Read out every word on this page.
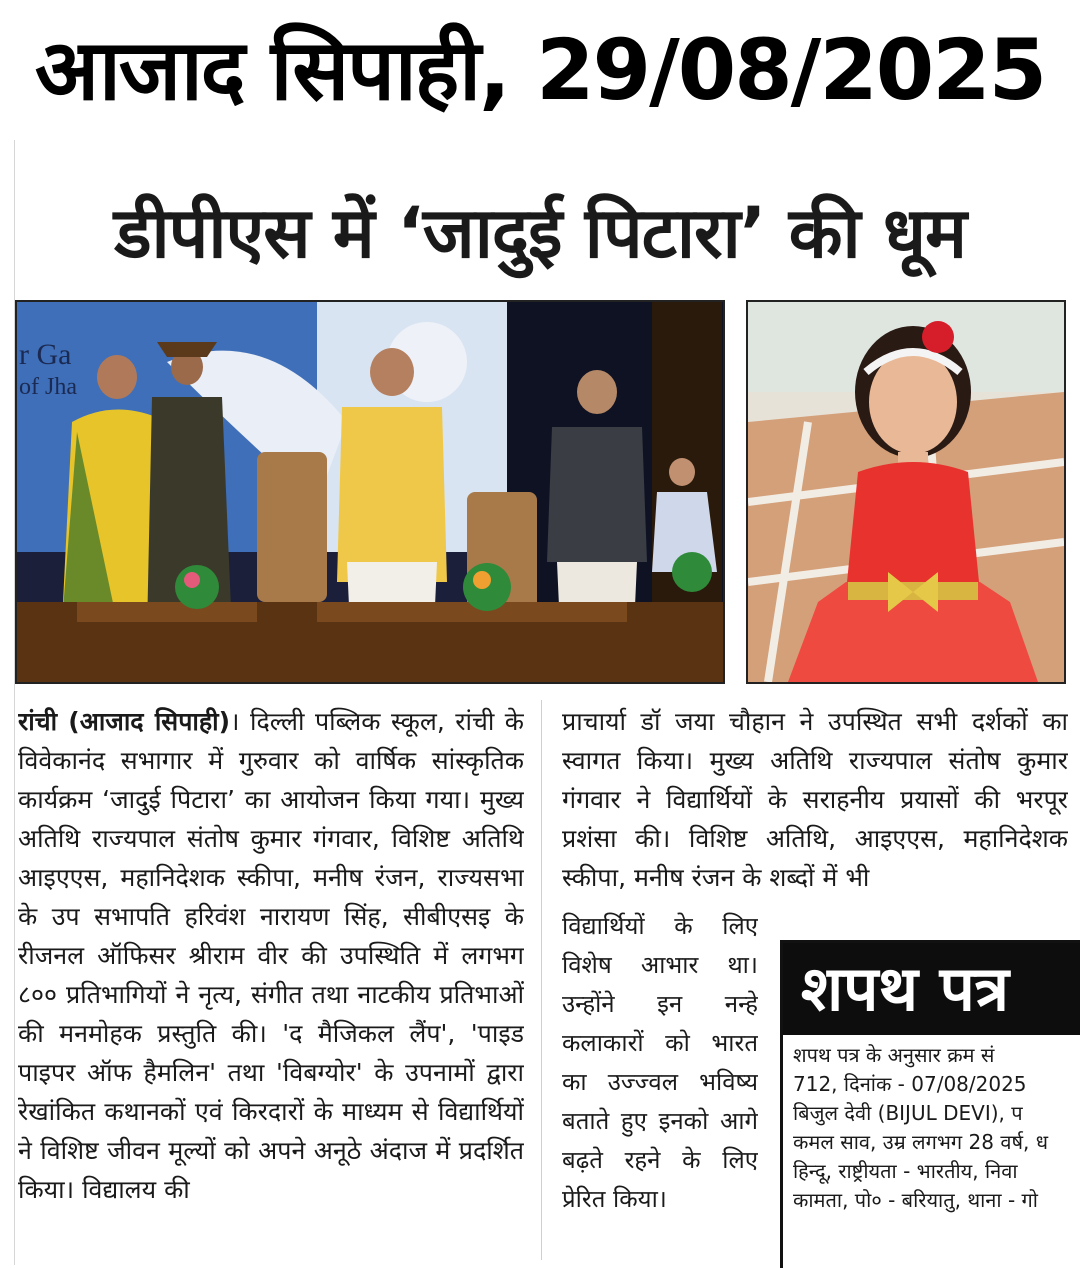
आजाद सिपाही, 29/08/2025
डीपीएस में ‘जादुई पिटारा’ की धूम
r Ga
of Jha
रांची (आजाद सिपाही)। दिल्ली पब्लिक स्कूल, रांची के विवेकानंद सभागार में गुरुवार को वार्षिक सांस्कृतिक कार्यक्रम ‘जादुई पिटारा’ का आयोजन किया गया। मुख्य अतिथि राज्यपाल संतोष कुमार गंगवार, विशिष्ट अतिथि आइएएस, महानिदेशक स्कीपा, मनीष रंजन, राज्यसभा के उप सभापति हरिवंश नारायण सिंह, सीबीएसइ के रीजनल ऑफिसर श्रीराम वीर की उपस्थिति में लगभग ८०० प्रतिभागियों ने नृत्य, संगीत तथा नाटकीय प्रतिभाओं की मनमोहक प्रस्तुति की। 'द मैजिकल लैंप', 'पाइड पाइपर ऑफ हैमलिन' तथा 'विबग्योर' के उपनामों द्वारा रेखांकित कथानकों एवं किरदारों के माध्यम से विद्यार्थियों ने विशिष्ट जीवन मूल्यों को अपने अनूठे अंदाज में प्रदर्शित किया। विद्यालय की
प्राचार्या डॉ जया चौहान ने उपस्थित सभी दर्शकों का स्वागत किया। मुख्य अतिथि राज्यपाल संतोष कुमार गंगवार ने विद्यार्थियों के सराहनीय प्रयासों की भरपूर प्रशंसा की। विशिष्ट अतिथि, आइएएस, महानिदेशक स्कीपा, मनीष रंजन के शब्दों में भी
विद्यार्थियों के लिए विशेष आभार था। उन्होंने इन नन्हे कलाकारों को भारत का उज्ज्वल भविष्य बताते हुए इनको आगे बढ़ते रहने के लिए प्रेरित किया।
शपथ पत्र
शपथ पत्र के अनुसार क्रम सं
712, दिनांक - 07/08/2025
बिजुल देवी (BIJUL DEVI), प
कमल साव, उम्र लगभग 28 वर्ष, ध
हिन्दू, राष्ट्रीयता - भारतीय, निवा
कामता, पो० - बरियातु, थाना - गो
